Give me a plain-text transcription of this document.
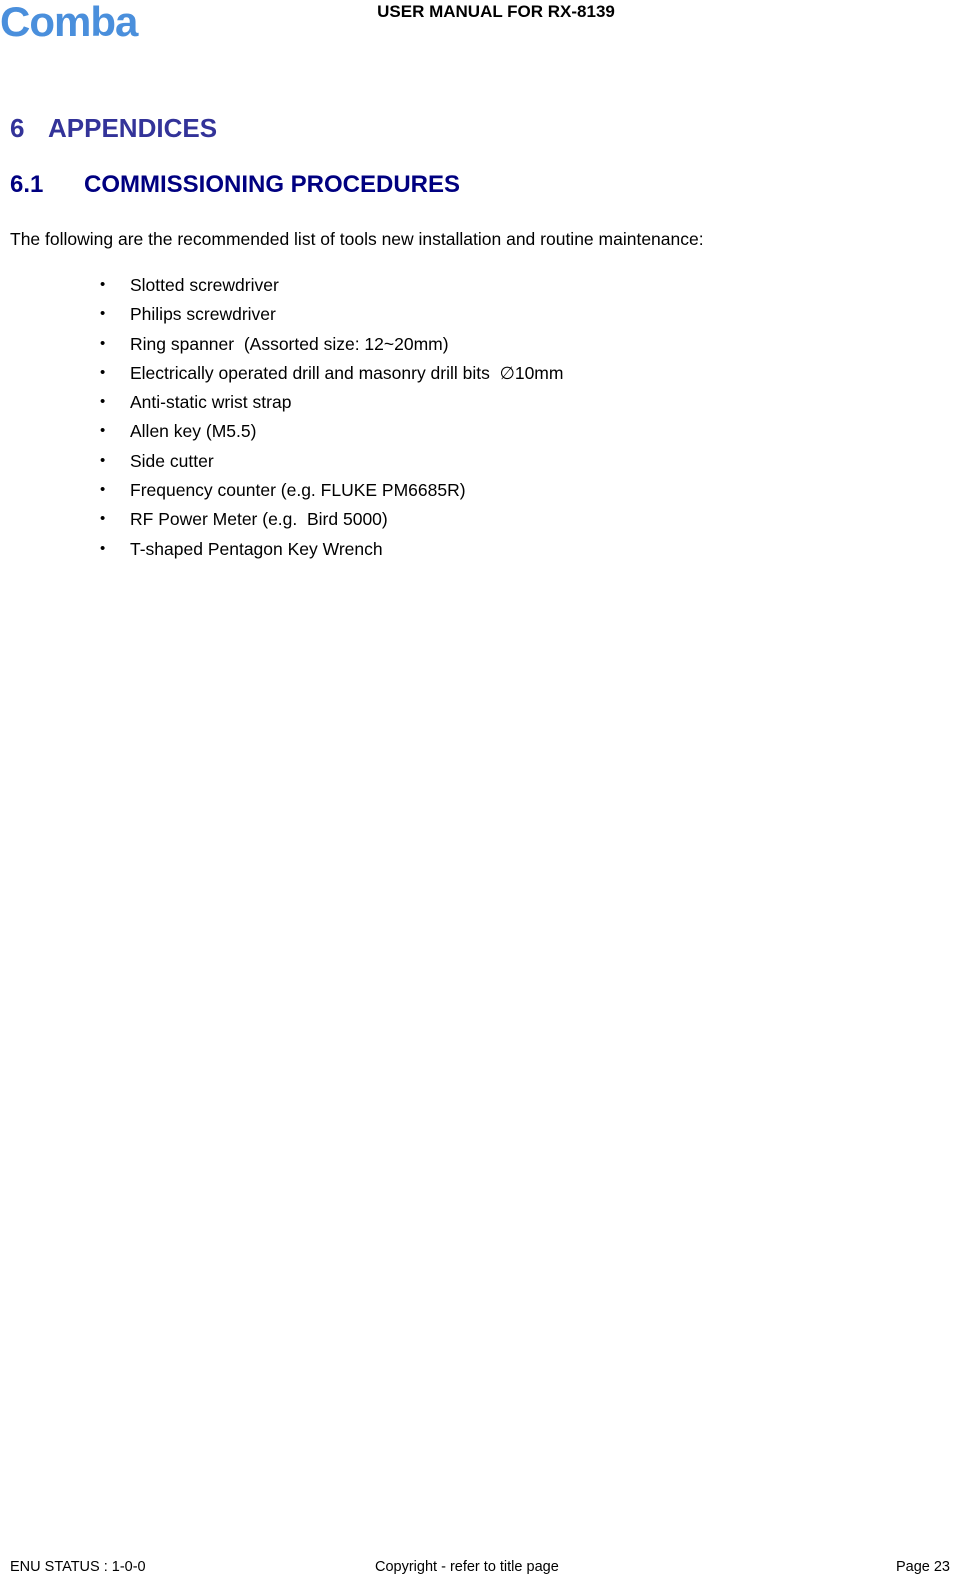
Comba	USER MANUAL FOR RX-8139
6 APPENDICES
6.1 COMMISSIONING PROCEDURES
The following are the recommended list of tools new installation and routine maintenance:
• Slotted screwdriver
• Philips screwdriver
• Ring spanner  (Assorted size: 12~20mm)
• Electrically operated drill and masonry drill bits  ∅10mm
• Anti-static wrist strap
• Allen key (M5.5)
• Side cutter
• Frequency counter (e.g. FLUKE PM6685R)
• RF Power Meter (e.g.  Bird 5000)
• T-shaped Pentagon Key Wrench
ENU STATUS : 1-0-0	Copyright - refer to title page	Page 23
